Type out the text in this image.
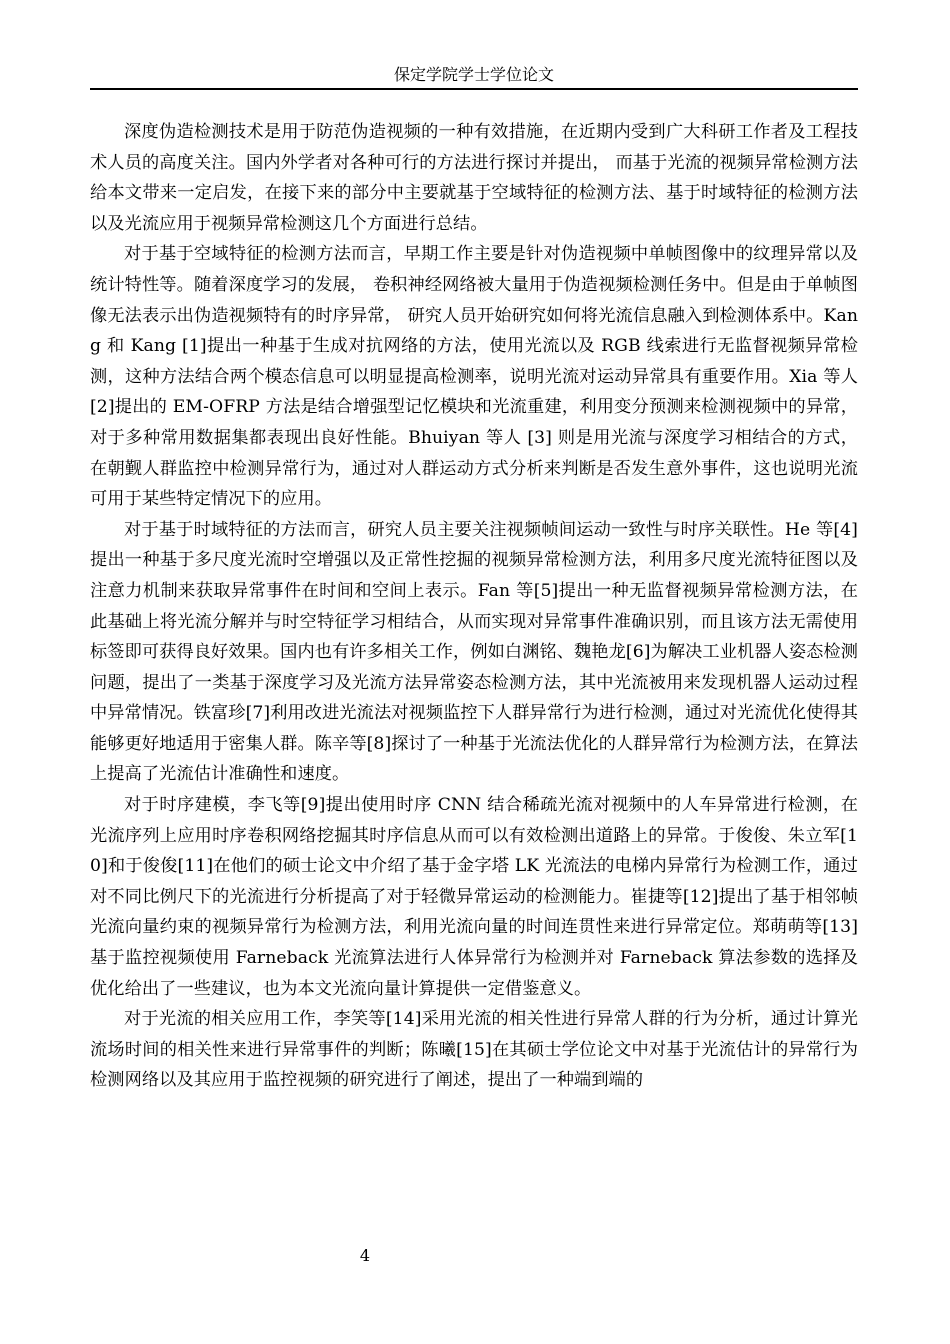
保定学院学士学位论文

深度伪造检测技术是用于防范伪造视频的一种有效措施，在近期内受到广大科研工作者及工程技术人员的高度关注。国内外学者对各种可行的方法进行探讨并提出， 而基于光流的视频异常检测方法给本文带来一定启发，在接下来的部分中主要就基于空域特征的检测方法、基于时域特征的检测方法以及光流应用于视频异常检测这几个方面进行总结。

对于基于空域特征的检测方法而言，早期工作主要是针对伪造视频中单帧图像中的纹理异常以及统计特性等。随着深度学习的发展， 卷积神经网络被大量用于伪造视频检测任务中。但是由于单帧图像无法表示出伪造视频特有的时序异常， 研究人员开始研究如何将光流信息融入到检测体系中。Kang 和 Kang [1]提出一种基于生成对抗网络的方法，使用光流以及 RGB 线索进行无监督视频异常检测，这种方法结合两个模态信息可以明显提高检测率，说明光流对运动异常具有重要作用。Xia 等人 [2]提出的 EM-OFRP 方法是结合增强型记忆模块和光流重建，利用变分预测来检测视频中的异常，对于多种常用数据集都表现出良好性能。Bhuiyan 等人 [3] 则是用光流与深度学习相结合的方式，在朝觐人群监控中检测异常行为，通过对人群运动方式分析来判断是否发生意外事件，这也说明光流可用于某些特定情况下的应用。

对于基于时域特征的方法而言，研究人员主要关注视频帧间运动一致性与时序关联性。He 等[4]提出一种基于多尺度光流时空增强以及正常性挖掘的视频异常检测方法，利用多尺度光流特征图以及注意力机制来获取异常事件在时间和空间上表示。Fan 等[5]提出一种无监督视频异常检测方法，在此基础上将光流分解并与时空特征学习相结合，从而实现对异常事件准确识别，而且该方法无需使用标签即可获得良好效果。国内也有许多相关工作，例如白渊铭、魏艳龙[6]为解决工业机器人姿态检测问题，提出了一类基于深度学习及光流方法异常姿态检测方法，其中光流被用来发现机器人运动过程中异常情况。铁富珍[7]利用改进光流法对视频监控下人群异常行为进行检测，通过对光流优化使得其能够更好地适用于密集人群。陈辛等[8]探讨了一种基于光流法优化的人群异常行为检测方法，在算法上提高了光流估计准确性和速度。

对于时序建模，李飞等[9]提出使用时序 CNN 结合稀疏光流对视频中的人车异常进行检测，在光流序列上应用时序卷积网络挖掘其时序信息从而可以有效检测出道路上的异常。于俊俊、朱立军[10]和于俊俊[11]在他们的硕士论文中介绍了基于金字塔 LK 光流法的电梯内异常行为检测工作，通过对不同比例尺下的光流进行分析提高了对于轻微异常运动的检测能力。崔捷等[12]提出了基于相邻帧光流向量约束的视频异常行为检测方法，利用光流向量的时间连贯性来进行异常定位。郑萌萌等[13]基于监控视频使用 Farneback 光流算法进行人体异常行为检测并对 Farneback 算法参数的选择及优化给出了一些建议，也为本文光流向量计算提供一定借鉴意义。

对于光流的相关应用工作，李笑等[14]采用光流的相关性进行异常人群的行为分析，通过计算光流场时间的相关性来进行异常事件的判断；陈曦[15]在其硕士学位论文中对基于光流估计的异常行为检测网络以及其应用于监控视频的研究进行了阐述，提出了一种端到端的

4
